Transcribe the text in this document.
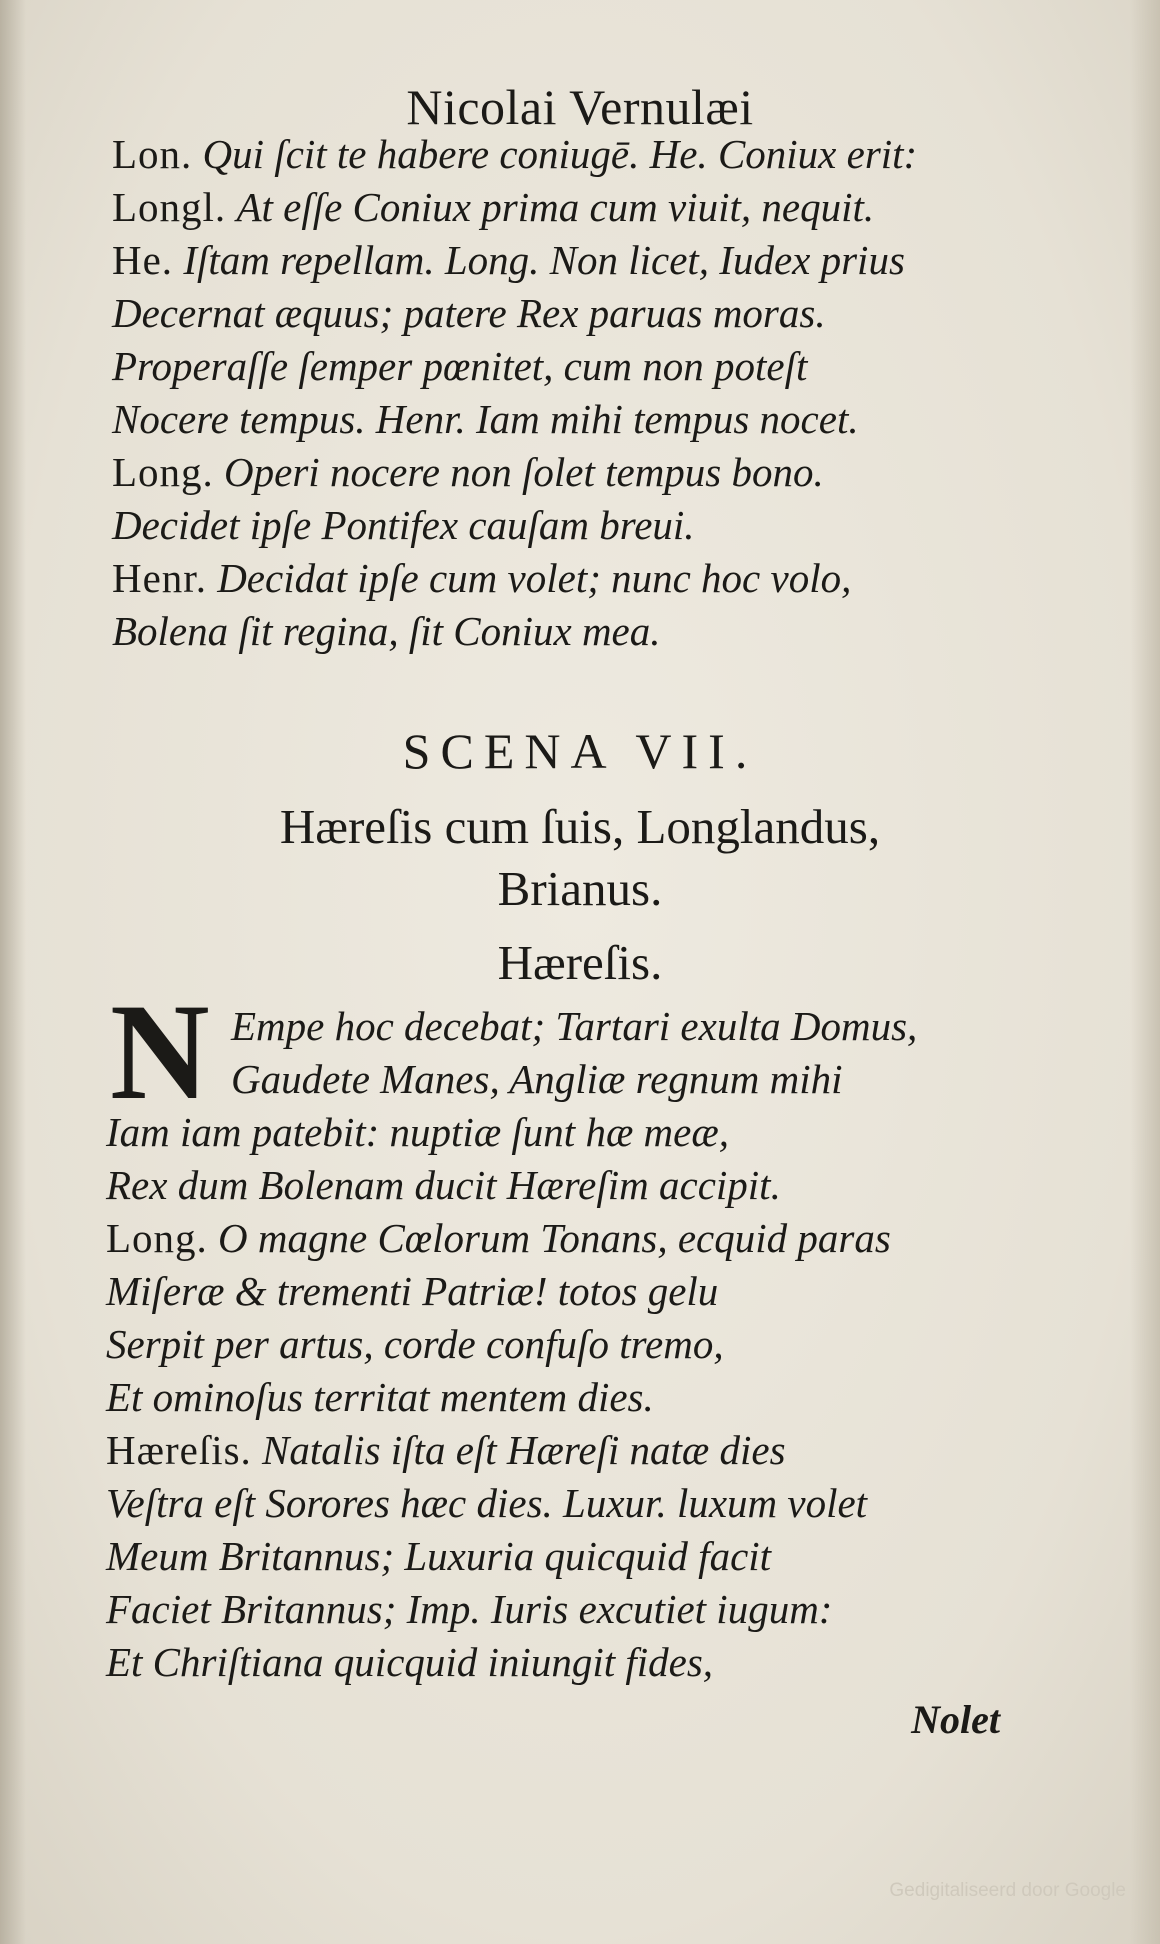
Nicolai Vernulæi
Lon. Qui ſcit te habere coniugē. He. Coniux erit:
Longl. At eſſe Coniux prima cum viuit, nequit.
He. Iſtam repellam. Long. Non licet, Iudex prius
Decernat æquus; patere Rex paruas moras.
Properaſſe ſemper pœnitet, cum non poteſt
Nocere tempus. Henr. Iam mihi tempus nocet.
Long. Operi nocere non ſolet tempus bono.
Decidet ipſe Pontifex cauſam breui.
Henr. Decidat ipſe cum volet; nunc hoc volo,
Bolena ſit regina, ſit Coniux mea.
SCENA VII.
Hæreſis cum ſuis, Longlandus,
Brianus.
Hæreſis.
N Empe hoc decebat; Tartari exulta Domus,
Gaudete Manes, Angliæ regnum mihi
Iam iam patebit: nuptiæ ſunt hæ meæ,
Rex dum Bolenam ducit Hæreſim accipit.
Long. O magne Cœlorum Tonans, ecquid paras
Miſeræ & trementi Patriæ! totos gelu
Serpit per artus, corde confuſo tremo,
Et ominoſus territat mentem dies.
Hæreſis. Natalis iſta eſt Hæreſi natæ dies
Veſtra eſt Sorores hæc dies. Luxur. luxum volet
Meum Britannus; Luxuria quicquid facit
Faciet Britannus; Imp. Iuris excutiet iugum:
Et Chriſtiana quicquid iniungit fides,
Nolet
Gedigitaliseerd door Google
